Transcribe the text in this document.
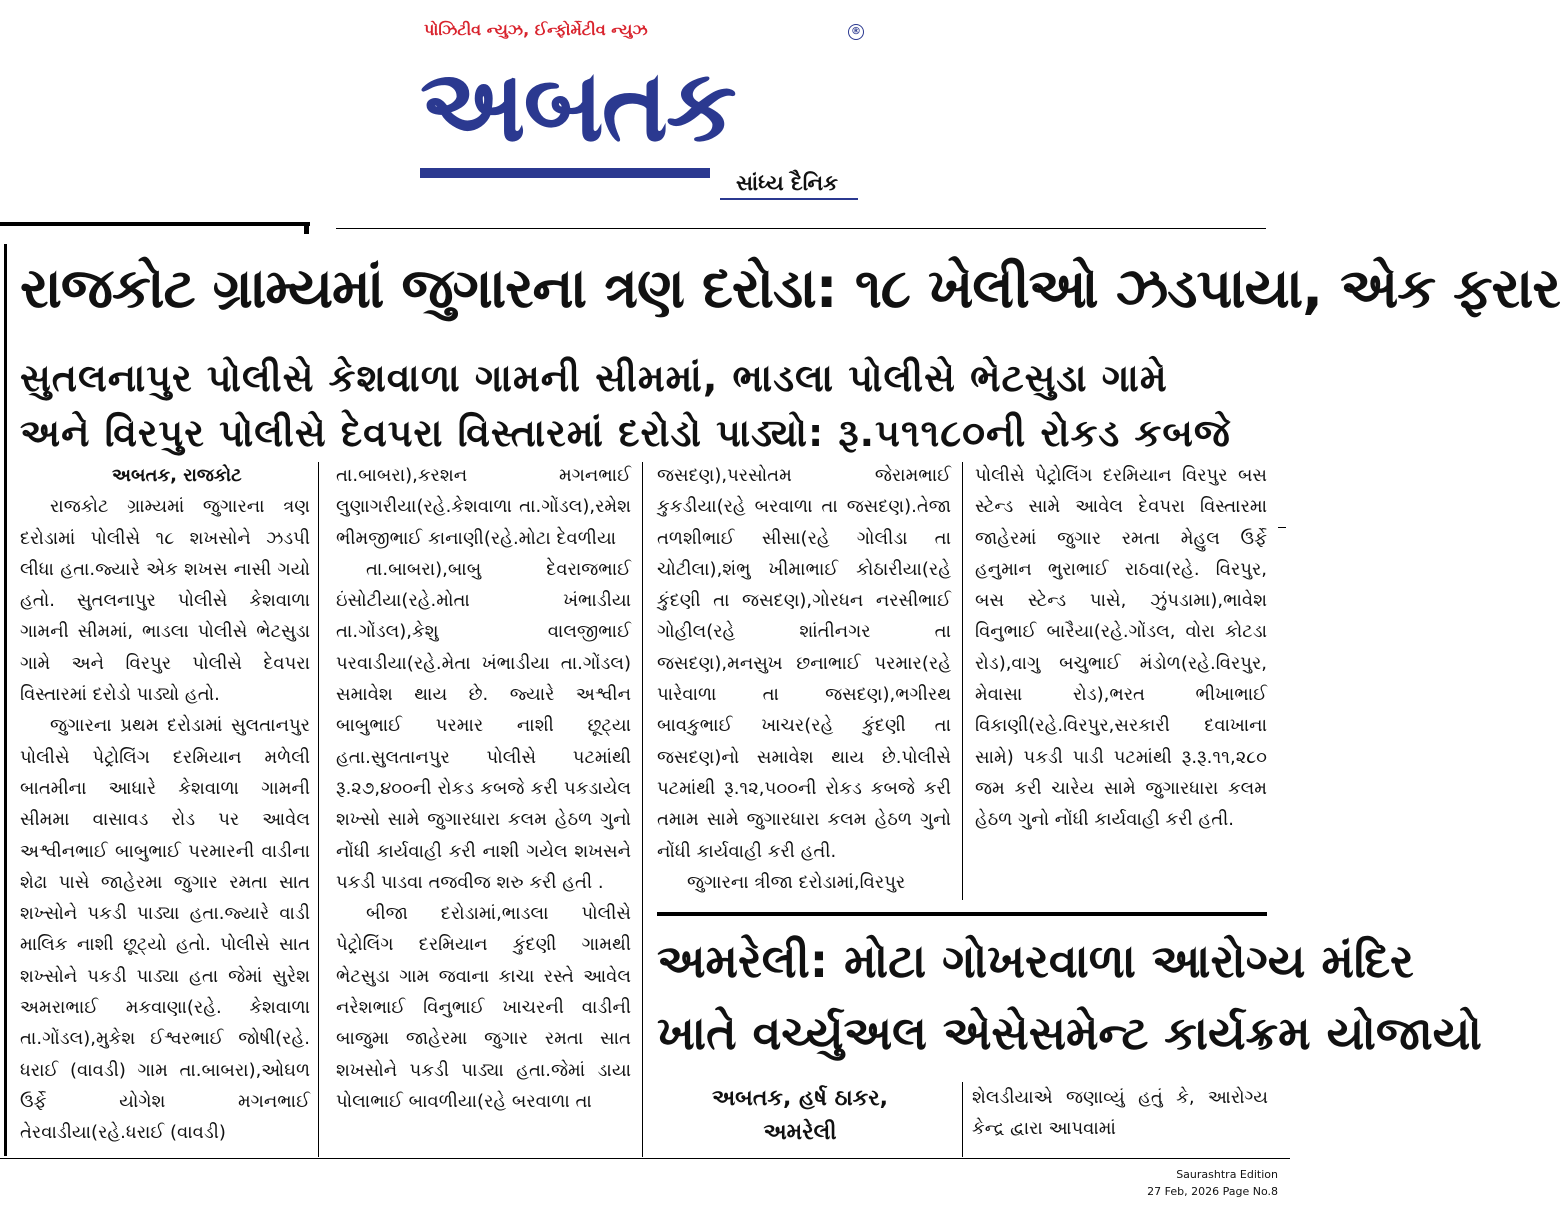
પોઝિટીવ ન્યુઝ, ઈન્ફોર્મેટીવ ન્યુઝ	®
અબતક
સાંધ્ય દૈનિક
રાજકોટ ગ્રામ્યમાં જુગારના ત્રણ દરોડા: ૧૮ ખેલીઓ ઝડપાયા, એક ફરાર
સુતલનાપુર પોલીસે કેશવાળા ગામની સીમમાં, ભાડલા પોલીસે ભેટસુડા ગામે
અને વિરપુર પોલીસે દેવપરા વિસ્તારમાં દરોડો પાડ્યો: રૂ.૫૧૧૮૦ની રોકડ કબજે

અબતક, રાજકોટ

રાજકોટ ગ્રામ્યમાં જુગારના ત્રણ દરોડામાં પોલીસે ૧૮ શખસોને ઝડપી લીધા હતા.જ્યારે એક શખસ નાસી ગયો હતો. સુતલનાપુર પોલીસે કેશવાળા ગામની સીમમાં, ભાડલા પોલીસે ભેટસુડા ગામે અને વિરપુર પોલીસે દેવપરા વિસ્તારમાં દરોડો પાડ્યો હતો.

જુગારના પ્રથમ દરોડામાં સુલતાનપુર પોલીસે પેટ્રોલિંગ દરમિયાન મળેલી બાતમીના આધારે કેશવાળા ગામની સીમમા વાસાવડ રોડ પર આવેલ અશ્વીનભાઈ બાબુભાઈ પરમારની વાડીના શેઢા પાસે જાહેરમા જુગાર રમતા સાત શખ્સોને પકડી પાડ્યા હતા.જ્યારે વાડી માલિક નાશી છૂટ્યો હતો. પોલીસે સાત શખ્સોને પકડી પાડ્યા હતા જેમાં સુરેશ અમરાભાઈ મકવાણા(રહે. કેશવાળા તા.ગોંડલ),મુકેશ ઈશ્વરભાઈ જોષી(રહે. ધરાઈ (વાવડી) ગામ તા.બાબરા),ઓઘળ ઉર્ફે યોગેશ મગનભાઈ તેરવાડીયા(રહે.ધરાઈ (વાવડી)

તા.બાબરા),કરશન મગનભાઈ લુણાગરીયા(રહે.કેશવાળા તા.ગોંડલ),રમેશ ભીમજીભાઈ કાનાણી(રહે.મોટા દેવળીયા

તા.બાબરા),બાબુ દેવરાજભાઈ ઇંસોટીયા(રહે.મોતા ખંભાડીયા તા.ગોંડલ),કેશુ વાલજીભાઈ પરવાડીયા(રહે.મેતા ખંભાડીયા તા.ગોંડલ) સમાવેશ થાય છે. જ્યારે અશ્વીન બાબુભાઈ પરમાર નાશી છૂટ્યા હતા.સુલતાનપુર પોલીસે પટમાંથી રૂ.૨૭,૪૦૦ની રોકડ કબજે કરી પકડાયેલ શખ્સો સામે જુગારધારા કલમ હેઠળ ગુનો નોંધી કાર્યવાહી કરી નાશી ગયેલ શખસને પકડી પાડવા તજવીજ શરુ કરી હતી .

બીજા દરોડામાં,ભાડલા પોલીસે પેટ્રોલિંગ દરમિયાન કુંદણી ગામથી ભેટસુડા ગામ જવાના કાચા રસ્તે આવેલ નરેશભાઈ વિનુભાઈ ખાચરની વાડીની બાજુમા જાહેરમા જુગાર રમતા સાત શખસોને પકડી પાડ્યા હતા.જેમાં ડાયા પોલાભાઈ બાવળીયા(રહે બરવાળા તા

જસદણ),પરસોતમ જેરામભાઈ કુકડીયા(રહે બરવાળા તા જસદણ).તેજા તળશીભાઈ સીસા(રહે ગોલીડા તા ચોટીલા),શંભુ ખીમાભાઈ કોઠારીયા(રહે કુંદણી તા જસદણ),ગોરધન નરસીભાઈ ગોહીલ(રહે શાંતીનગર તા જસદણ),મનસુખ છનાભાઈ પરમાર(રહે પારેવાળા તા જસદણ),ભગીરથ બાવકુભાઈ ખાચર(રહે કુંદણી તા જસદણ)નો સમાવેશ થાય છે.પોલીસે પટમાંથી રૂ.૧૨,૫૦૦ની રોકડ કબજે કરી તમામ સામે જુગારધારા કલમ હેઠળ ગુનો નોંધી કાર્યવાહી કરી હતી.

જુગારના ત્રીજા દરોડામાં,વિરપુર

પોલીસે પેટ્રોલિંગ દરમિયાન વિરપુર બસ સ્ટેન્ડ સામે આવેલ દેવપરા વિસ્તારમા જાહેરમાં જુગાર રમતા મેહુલ ઉર્ફે હનુમાન ભુરાભાઈ રાઠવા(રહે. વિરપુર, બસ સ્ટેન્ડ પાસે, ઝુંપડામા),ભાવેશ વિનુભાઈ બારૈયા(રહે.ગોંડલ, વોરા કોટડા રોડ),વાગુ બચુભાઈ મંડોળ(રહે.વિરપુર, મેવાસા રોડ),ભરત ભીખાભાઈ વિકાણી(રહે.વિરપુર,સરકારી દવાખાના સામે) પકડી પાડી પટમાંથી રૂ.રૂ.૧૧,૨૮૦ જમ કરી ચારેય સામે જુગારધારા કલમ હેઠળ ગુનો નોંધી કાર્યવાહી કરી હતી.

અમરેલી: મોટા ગોખરવાળા આરોગ્ય મંદિર
ખાતે વર્ચ્યુઅલ એસેસમેન્ટ કાર્યક્રમ યોજાયો
અબતક, હર્ષ ઠાકર,
અમરેલી
શેલડીયાએ જણાવ્યું હતું કે, આરોગ્ય કેન્દ્ર દ્વારા આપવામાં
Saurashtra Edition
27 Feb, 2026 Page No.8
